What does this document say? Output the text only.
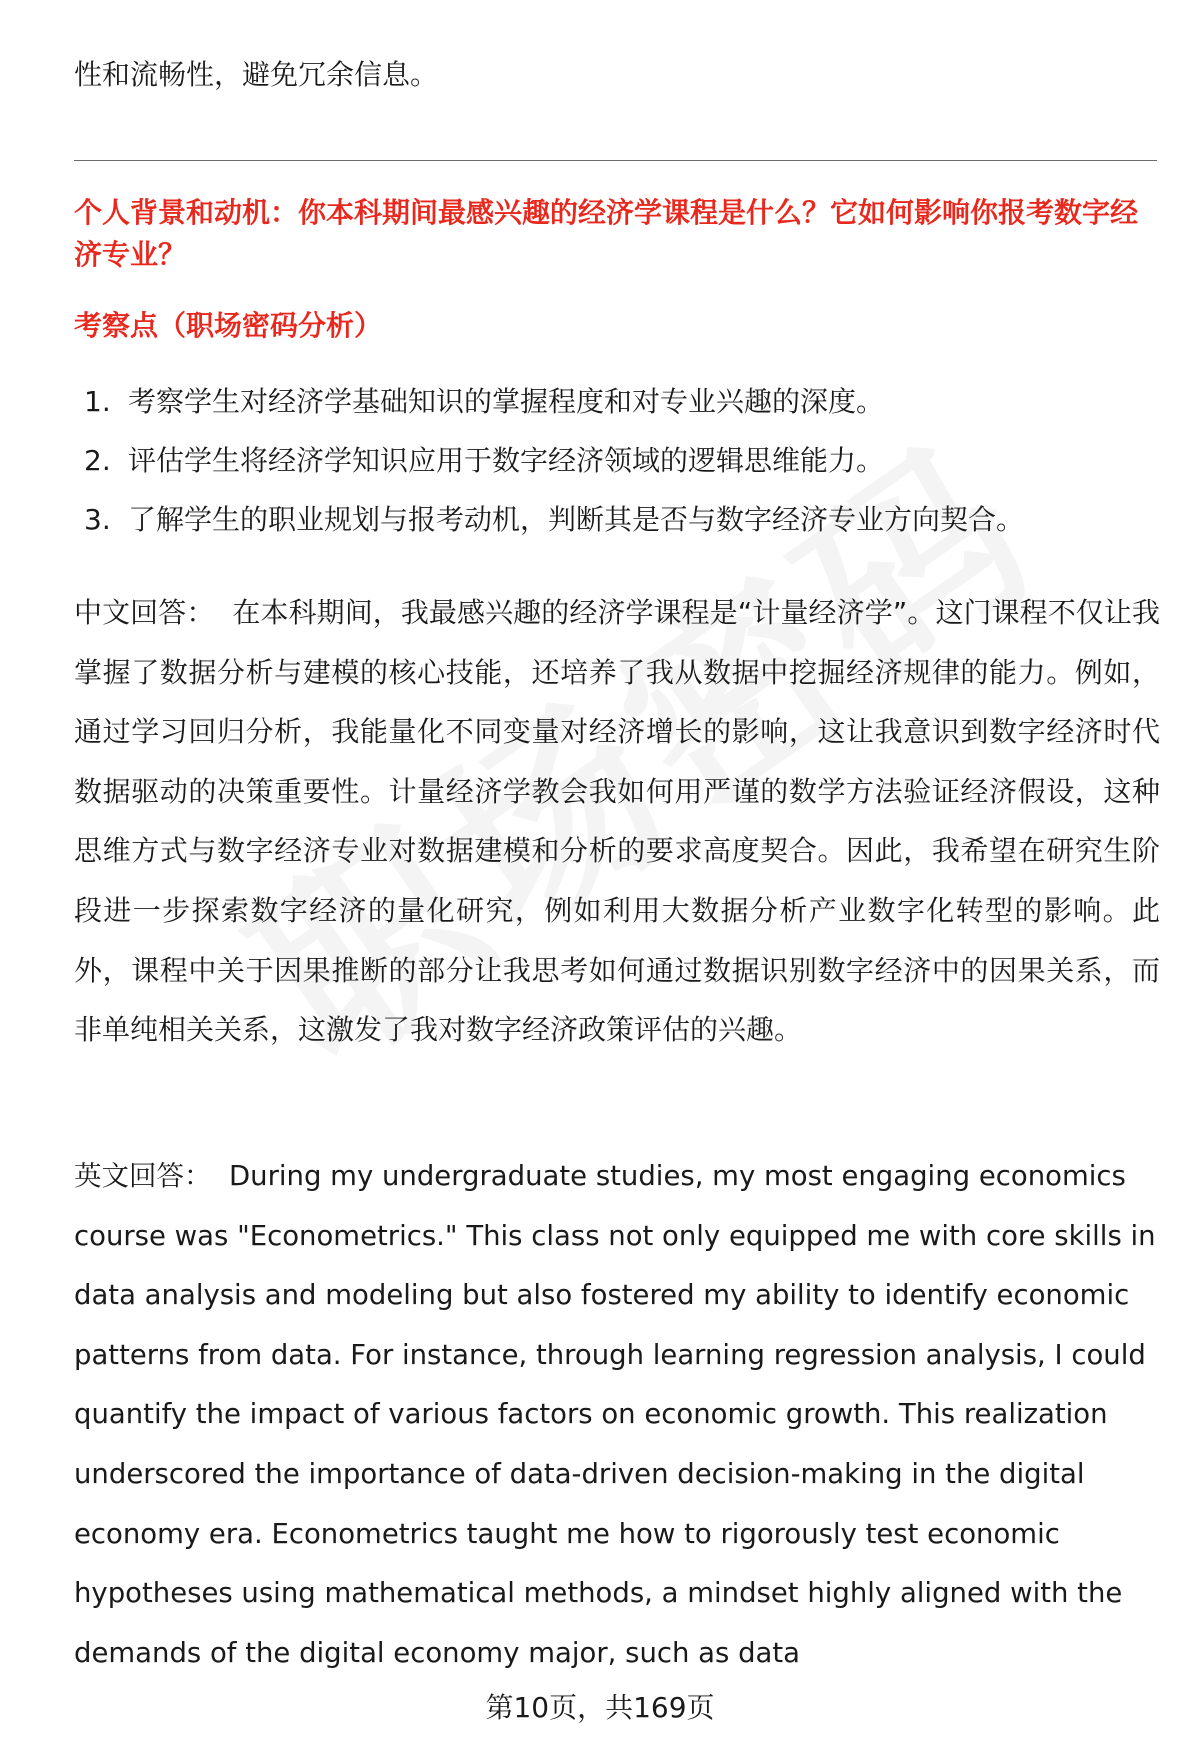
性和流畅性，避免冗余信息。
个人背景和动机：你本科期间最感兴趣的经济学课程是什么？它如何影响你报考数字经济专业？
考察点（职场密码分析）
1. 考察学生对经济学基础知识的掌握程度和对专业兴趣的深度。
2. 评估学生将经济学知识应用于数字经济领域的逻辑思维能力。
3. 了解学生的职业规划与报考动机，判断其是否与数字经济专业方向契合。

中文回答： 在本科期间，我最感兴趣的经济学课程是“计量经济学”。这门课程不仅让我掌握了数据分析与建模的核心技能，还培养了我从数据中挖掘经济规律的能力。例如，通过学习回归分析，我能量化不同变量对经济增长的影响，这让我意识到数字经济时代数据驱动的决策重要性。计量经济学教会我如何用严谨的数学方法验证经济假设，这种思维方式与数字经济专业对数据建模和分析的要求高度契合。因此，我希望在研究生阶段进一步探索数字经济的量化研究，例如利用大数据分析产业数字化转型的影响。此外，课程中关于因果推断的部分让我思考如何通过数据识别数字经济中的因果关系，而非单纯相关关系，这激发了我对数字经济政策评估的兴趣。

英文回答： During my undergraduate studies, my most engaging economics course was "Econometrics." This class not only equipped me with core skills in data analysis and modeling but also fostered my ability to identify economic patterns from data. For instance, through learning regression analysis, I could quantify the impact of various factors on economic growth. This realization underscored the importance of data-driven decision-making in the digital economy era. Econometrics taught me how to rigorously test economic hypotheses using mathematical methods, a mindset highly aligned with the demands of the digital economy major, such as data

第10页，共169页
